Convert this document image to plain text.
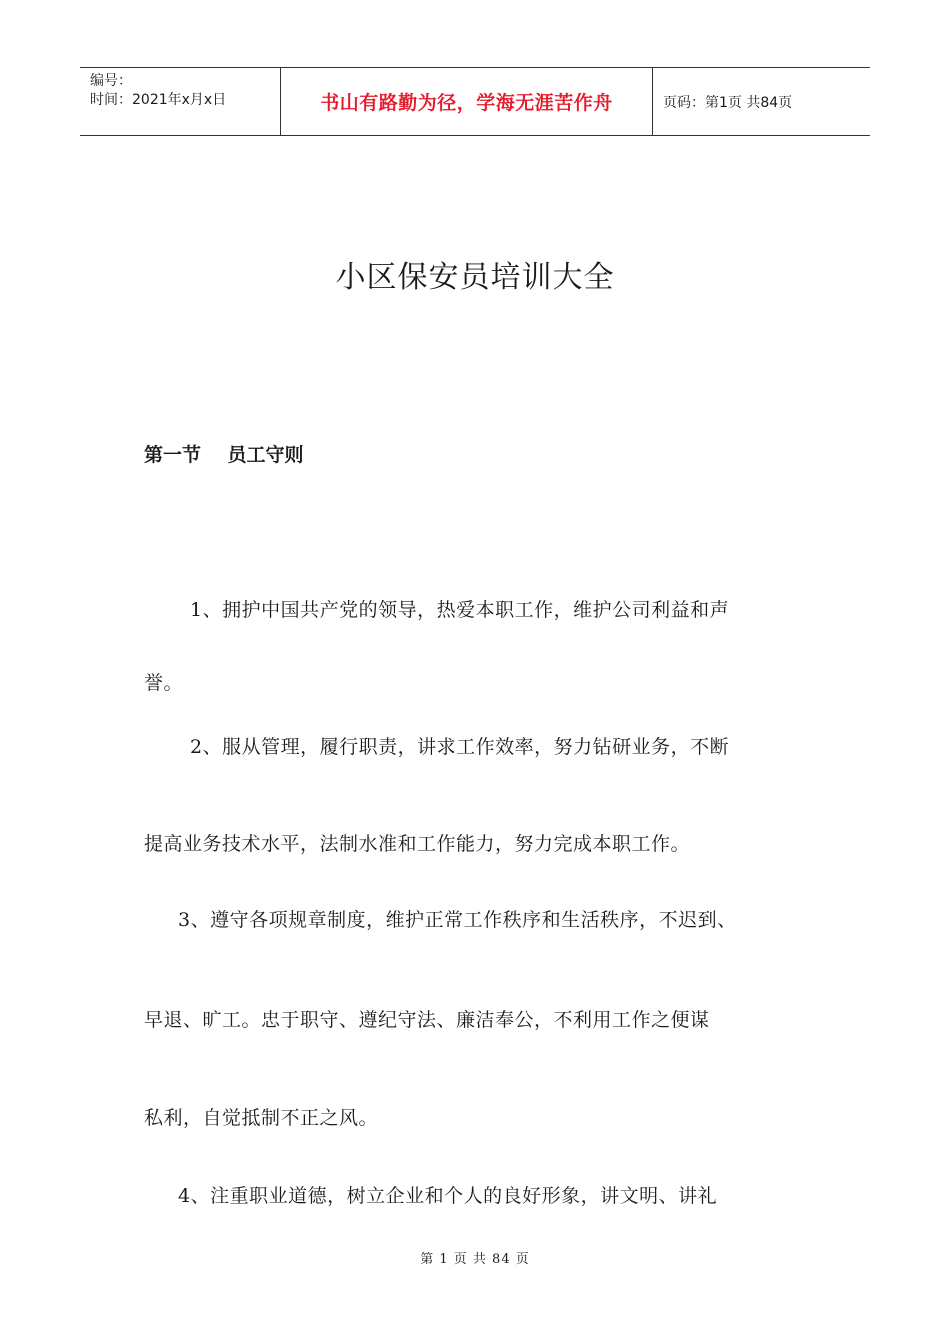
编号：
时间：2021年x月x日	书山有路勤为径，学海无涯苦作舟	页码：第1页 共84页
小区保安员培训大全
第一节    员工守则

1、拥护中国共产党的领导，热爱本职工作，维护公司利益和声

誉。

2、服从管理，履行职责，讲求工作效率，努力钻研业务，不断

提高业务技术水平，法制水准和工作能力，努力完成本职工作。

3、遵守各项规章制度，维护正常工作秩序和生活秩序，不迟到、

早退、旷工。忠于职守、遵纪守法、廉洁奉公，不利用工作之便谋

私利，自觉抵制不正之风。

4、注重职业道德，树立企业和个人的良好形象，讲文明、讲礼

第 1 页 共 84 页
